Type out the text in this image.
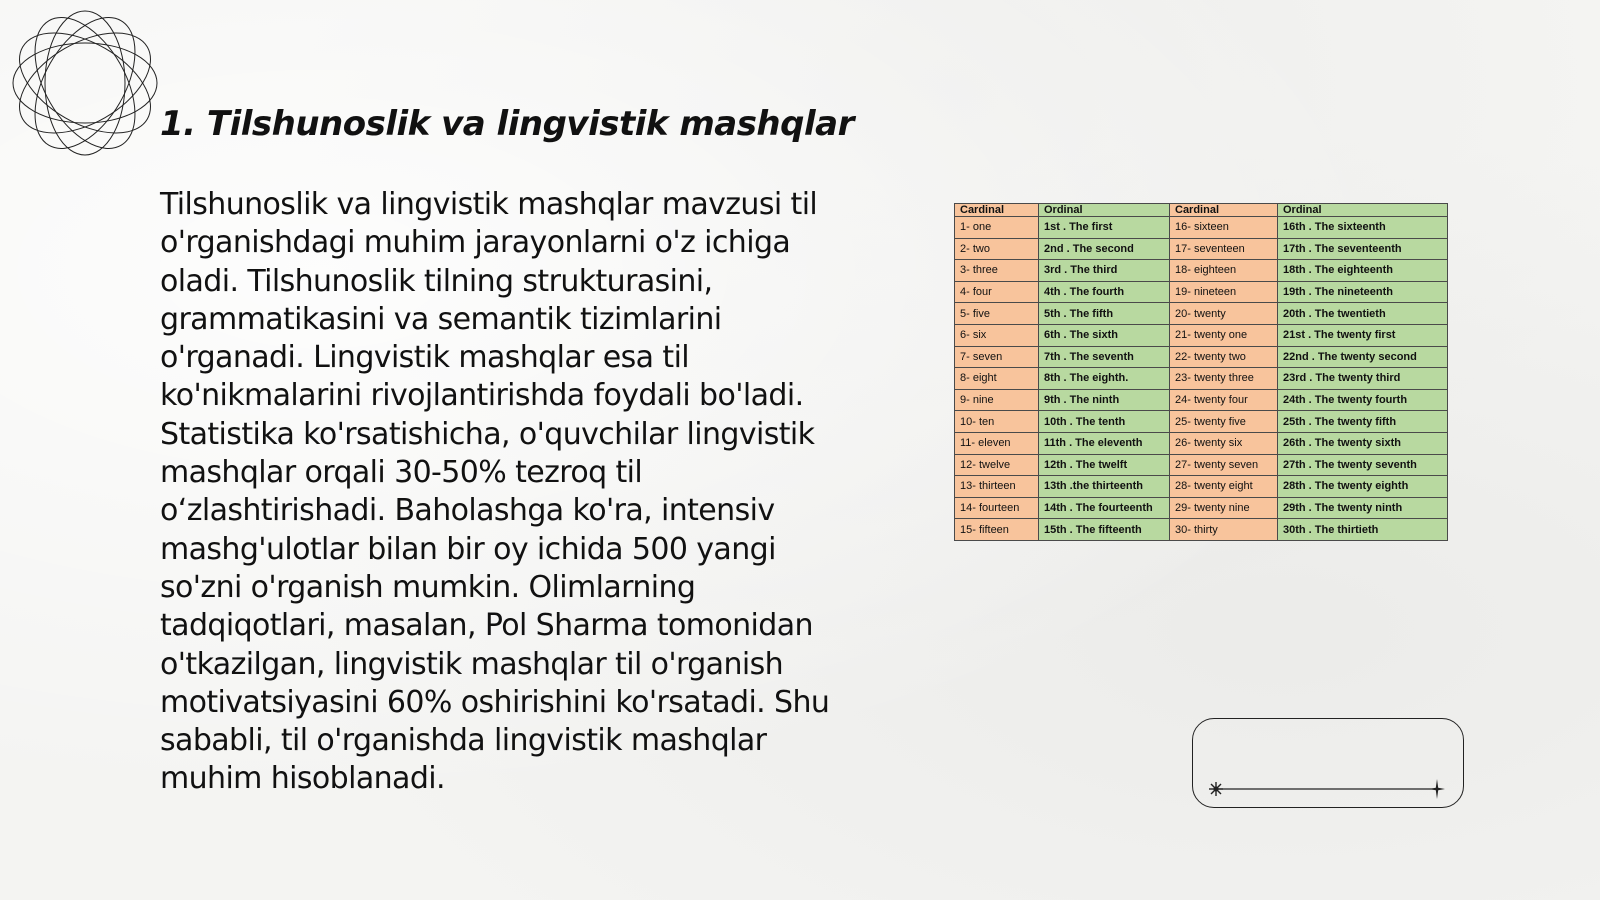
1. Tilshunoslik va lingvistik mashqlar

Tilshunoslik va lingvistik mashqlar mavzusi til o'rganishdagi muhim jarayonlarni o'z ichiga oladi. Tilshunoslik tilning strukturasini, grammatikasini va semantik tizimlarini o'rganadi. Lingvistik mashqlar esa til ko'nikmalarini rivojlantirishda foydali bo'ladi. Statistika ko'rsatishicha, o'quvchilar lingvistik mashqlar orqali 30-50% tezroq til o‘zlashtirishadi. Baholashga ko'ra, intensiv mashg'ulotlar bilan bir oy ichida 500 yangi so'zni o'rganish mumkin. Olimlarning tadqiqotlari, masalan, Pol Sharma tomonidan o'tkazilgan, lingvistik mashqlar til o'rganish motivatsiyasini 60% oshirishini ko'rsatadi. Shu sababli, til o'rganishda lingvistik mashqlar muhim hisoblanadi.

Cardinal	Ordinal	Cardinal	Ordinal
1- one	1st . The first	16- sixteen	16th . The sixteenth
2- two	2nd . The second	17- seventeen	17th . The seventeenth
3- three	3rd . The third	18- eighteen	18th . The eighteenth
4- four	4th . The fourth	19- nineteen	19th . The nineteenth
5- five	5th . The fifth	20- twenty	20th . The twentieth
6- six	6th . The sixth	21- twenty one	21st . The twenty first
7- seven	7th . The seventh	22- twenty two	22nd . The twenty second
8- eight	8th . The eighth.	23- twenty three	23rd . The twenty third
9- nine	9th . The ninth	24- twenty four	24th . The twenty fourth
10- ten	10th . The tenth	25- twenty five	25th . The twenty fifth
11- eleven	11th . The eleventh	26- twenty six	26th . The twenty sixth
12- twelve	12th . The twelft	27- twenty seven	27th . The twenty seventh
13- thirteen	13th .the thirteenth	28- twenty eight	28th . The twenty eighth
14- fourteen	14th . The fourteenth	29- twenty nine	29th . The twenty ninth
15- fifteen	15th . The fifteenth	30- thirty	30th . The thirtieth
